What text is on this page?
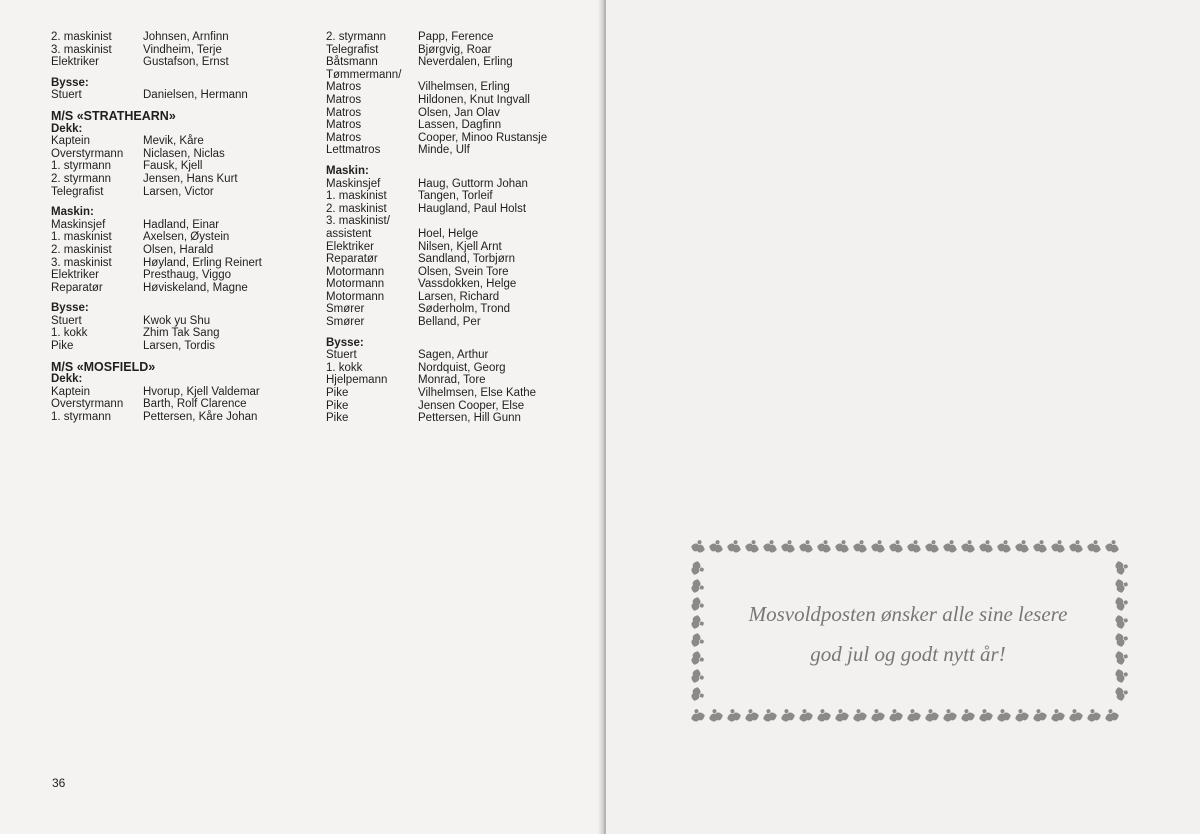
2. maskinist	Johnsen, Arnfinn
3. maskinist	Vindheim, Terje
Elektriker	Gustafson, Ernst
Bysse:
Stuert	Danielsen, Hermann
M/S «STRATHEARN»
Dekk:
Kaptein	Mevik, Kåre
Overstyrmann Niclasen, Niclas
1. styrmann	Fausk, Kjell
2. styrmann	Jensen, Hans Kurt
Telegrafist	Larsen, Victor
Maskin:
Maskinsjef	Hadland, Einar
1. maskinist	Axelsen, Øystein
2. maskinist	Olsen, Harald
3. maskinist	Høyland, Erling Reinert
Elektriker	Presthaug, Viggo
Reparatør	Høviskeland, Magne
Bysse:
Stuert	Kwok yu Shu
1. kokk	Zhim Tak Sang
Pike	Larsen, Tordis
M/S «MOSFIELD»
Dekk:
Kaptein	Hvorup, Kjell Valdemar
Overstyrmann Barth, Rolf Clarence
1. styrmann	Pettersen, Kåre Johan
2. styrmann	Papp, Ference
Telegrafist	Bjørgvig, Roar
Båtsmann	Neverdalen, Erling
Tømmermann/
Matros	Vilhelmsen, Erling
Matros	Hildonen, Knut Ingvall
Matros	Olsen, Jan Olav
Matros	Lassen, Dagfinn
Matros	Cooper, Minoo Rustansje
Lettmatros	Minde, Ulf
Maskin:
Maskinsjef	Haug, Guttorm Johan
1. maskinist	Tangen, Torleif
2. maskinist	Haugland, Paul Holst
3. maskinist/
assistent	Hoel, Helge
Elektriker	Nilsen, Kjell Arnt
Reparatør	Sandland, Torbjørn
Motormann	Olsen, Svein Tore
Motormann	Vassdokken, Helge
Motormann	Larsen, Richard
Smører	Søderholm, Trond
Smører	Belland, Per
Bysse:
Stuert	Sagen, Arthur
1. kokk	Nordquist, Georg
Hjelpemann	Monrad, Tore
Pike	Vilhelmsen, Else Kathe
Pike	Jensen Cooper, Else
Pike	Pettersen, Hill Gunn
36
Mosvoldposten ønsker alle sine lesere
god jul og godt nytt år!
